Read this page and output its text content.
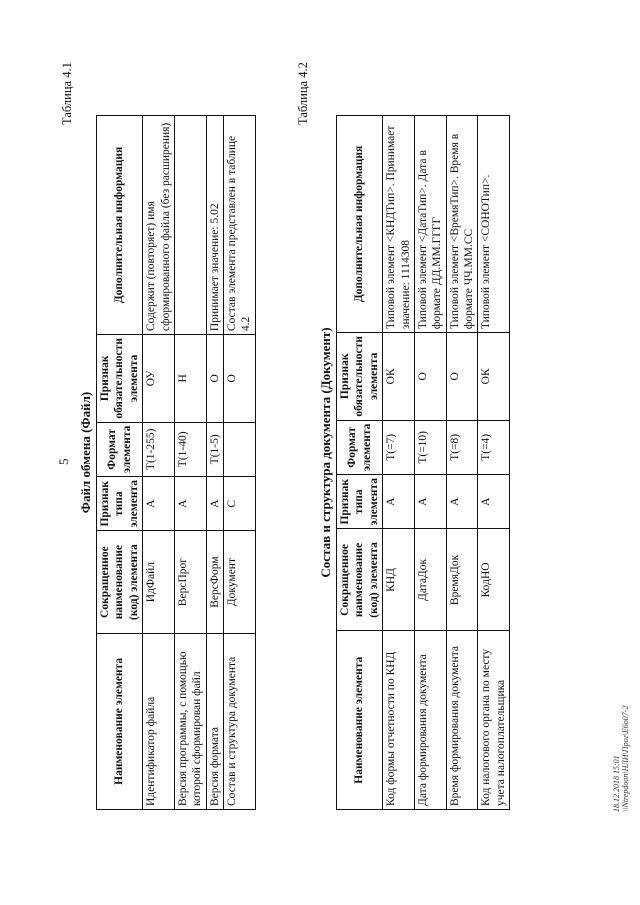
5
Таблица 4.1
Файл обмена (Файл)
Наименование элемента	Сокращенное наименование (код) элемента	Признак типа элемента	Формат элемента	Признак обязательности элемента	Дополнительная информация
Идентификатор файла	ИдФайл	А	T(1-255)	ОУ	Содержит (повторяет) имя сформированного файла (без расширения)
Версия программы, с помощью которой сформирован файл	ВерсПрог	А	T(1-40)	Н	
Версия формата	ВерсФорм	А	T(1-5)	О	Принимает значение: 5.02
Состав и структура документа	Документ	С		О	Состав элемента представлен в таблице 4.2
Таблица 4.2
Состав и структура документа (Документ)
Наименование элемента	Сокращенное наименование (код) элемента	Признак типа элемента	Формат элемента	Признак обязательности элемента	Дополнительная информация
Код формы отчетности по КНД	КНД	А	T(=7)	ОК	Типовой элемент <КНДТип>. Принимает значение: 1114308
Дата формирования документа	ДатаДок	А	T(=10)	О	Типовой элемент <ДатаТип>. Дата в формате ДД.ММ.ГГГГ
Время формирования документа	ВремяДок	А	T(=8)	О	Типовой элемент <ВремяТип>. Время в формате ЧЧ.ММ.СС
Код налогового органа по месту учета налогоплательщика	КодНО	А	T(=4)	ОК	Типовой элемент <СОНОТип>.
18.12.2018 15:01 \\Ntrepdoon\НЛИ\Прог\Е6о07-2
